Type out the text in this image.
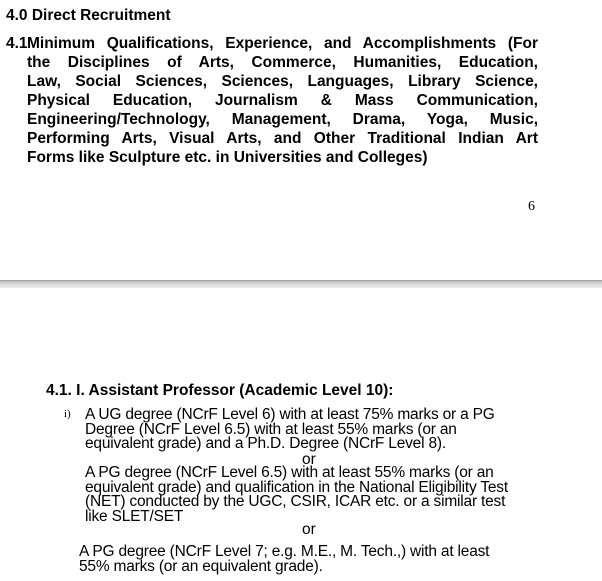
4.0 Direct Recruitment
4.1 Minimum Qualifications, Experience, and Accomplishments (For
the Disciplines of Arts, Commerce, Humanities, Education,
Law, Social Sciences, Sciences, Languages, Library Science,
Physical Education, Journalism & Mass Communication,
Engineering/Technology, Management, Drama, Yoga, Music,
Performing Arts, Visual Arts, and Other Traditional Indian Art
Forms like Sculpture etc. in Universities and Colleges)
6
4.1. I. Assistant Professor (Academic Level 10):
i) A UG degree (NCrF Level 6) with at least 75% marks or a PG
Degree (NCrF Level 6.5) with at least 55% marks (or an
equivalent grade) and a Ph.D. Degree (NCrF Level 8).
or
A PG degree (NCrF Level 6.5) with at least 55% marks (or an
equivalent grade) and qualification in the National Eligibility Test
(NET) conducted by the UGC, CSIR, ICAR etc. or a similar test
like SLET/SET
or
A PG degree (NCrF Level 7; e.g. M.E., M. Tech.,) with at least
55% marks (or an equivalent grade).
